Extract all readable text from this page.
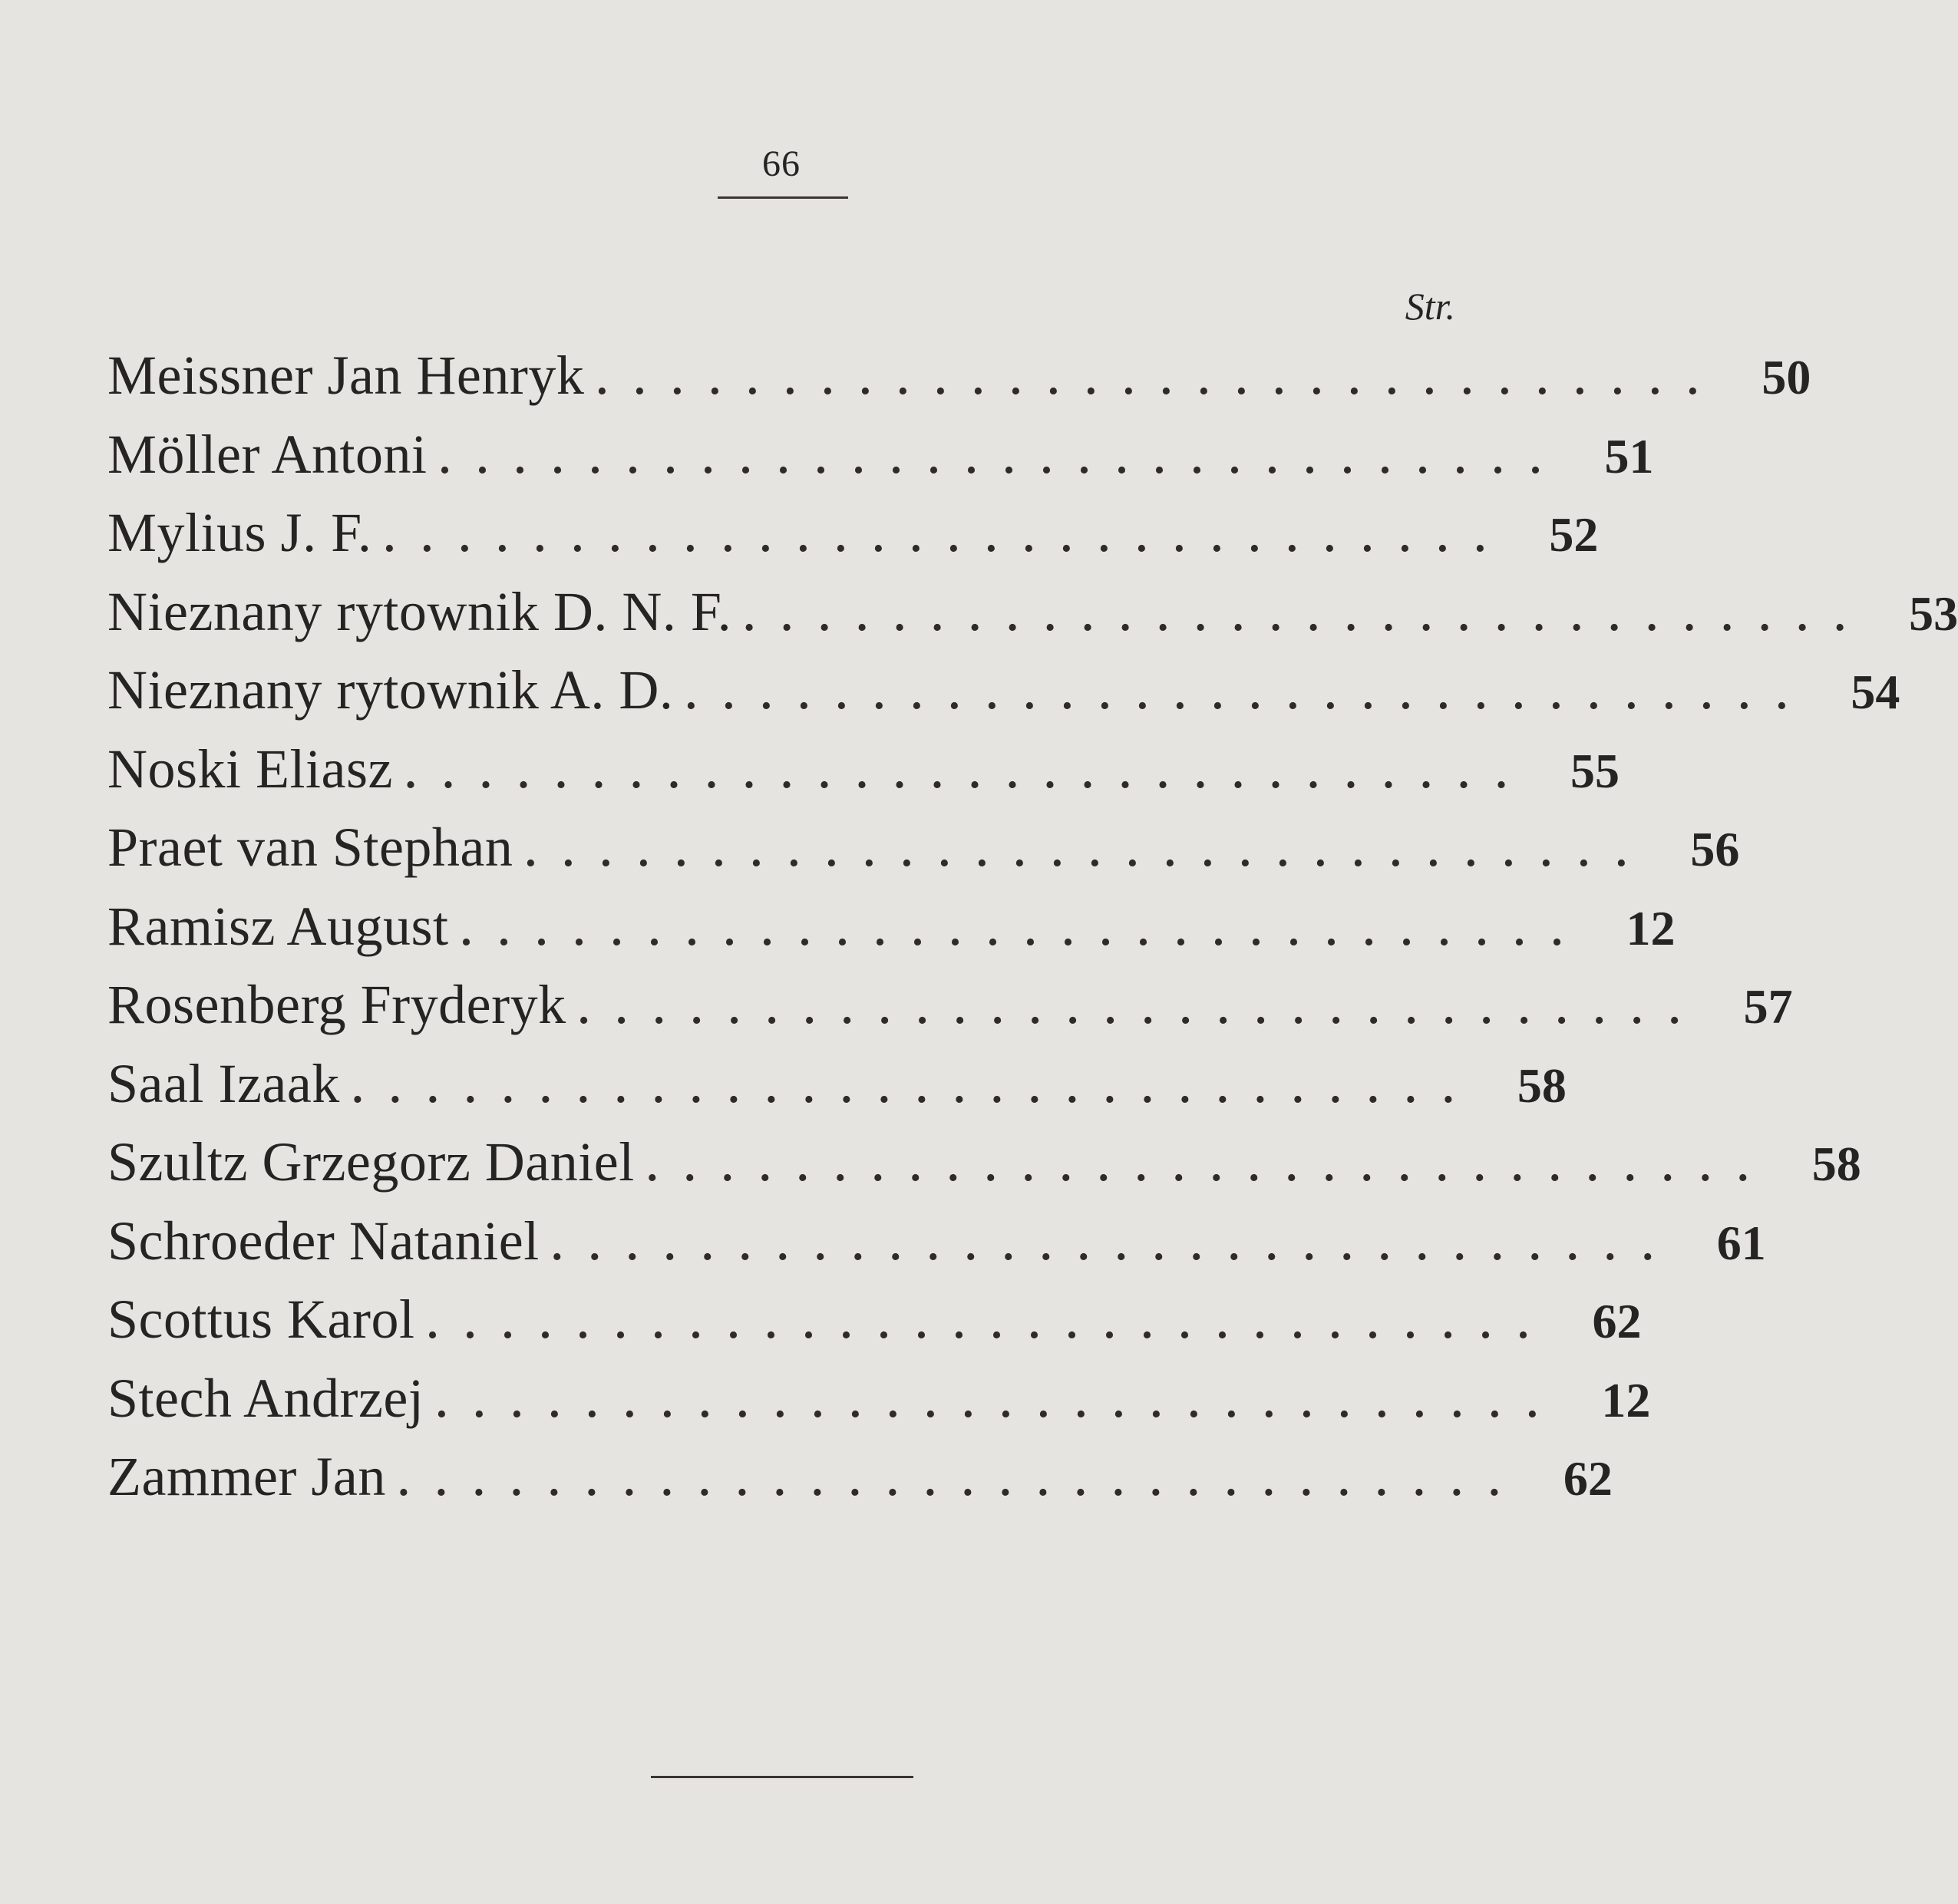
66
Str.
Meissner Jan Henryk .............................. 50
Möller Antoni .............................. 51
Mylius J. F. .............................. 52
Nieznany rytownik D. N. F. .............................. 53
Nieznany rytownik A. D. .............................. 54
Noski Eliasz .............................. 55
Praet van Stephan .............................. 56
Ramisz August .............................. 12
Rosenberg Fryderyk .............................. 57
Saal Izaak .............................. 58
Szultz Grzegorz Daniel .............................. 58
Schroeder Nataniel .............................. 61
Scottus Karol .............................. 62
Stech Andrzej .............................. 12
Zammer Jan .............................. 62
